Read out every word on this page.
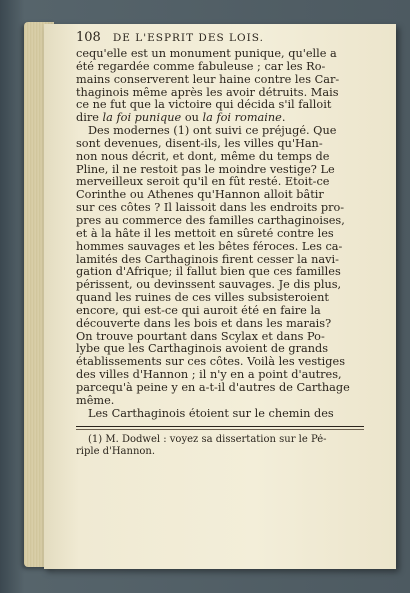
108 DE L'ESPRIT DES LOIS.
cequ'elle est un monument punique, qu'elle a
été regardée comme fabuleuse ; car les Ro-
mains conserverent leur haine contre les Car-
thaginois même après les avoir détruits. Mais
ce ne fut que la victoire qui décida s'il falloit
dire la foi punique ou la foi romaine.
Des modernes (1) ont suivi ce préjugé. Que
sont devenues, disent-ils, les villes qu'Han-
non nous décrit, et dont, même du temps de
Pline, il ne restoit pas le moindre vestige? Le
merveilleux seroit qu'il en fût resté. Etoit-ce
Corinthe ou Athenes qu'Hannon alloit bâtir
sur ces côtes ? Il laissoit dans les endroits pro-
pres au commerce des familles carthaginoises,
et à la hâte il les mettoit en sûreté contre les
hommes sauvages et les bêtes féroces. Les ca-
lamités des Carthaginois firent cesser la navi-
gation d'Afrique; il fallut bien que ces familles
périssent, ou devinssent sauvages. Je dis plus,
quand les ruines de ces villes subsisteroient
encore, qui est-ce qui auroit été en faire la
découverte dans les bois et dans les marais?
On trouve pourtant dans Scylax et dans Po-
lybe que les Carthaginois avoient de grands
établissements sur ces côtes. Voilà les vestiges
des villes d'Hannon ; il n'y en a point d'autres,
parcequ'à peine y en a-t-il d'autres de Carthage
même.
Les Carthaginois étoient sur le chemin des
(1) M. Dodwel : voyez sa dissertation sur le Pé-
riple d'Hannon.
